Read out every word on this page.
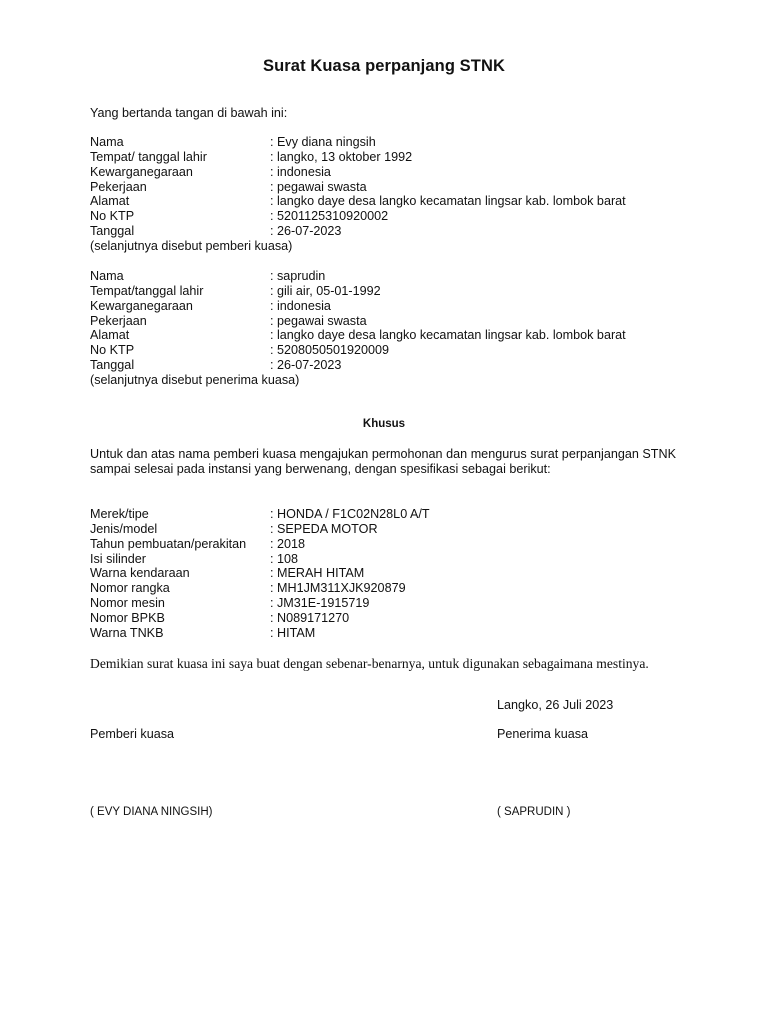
Surat Kuasa perpanjang STNK
Yang bertanda tangan di bawah ini:
Nama	: Evy diana ningsih
Tempat/ tanggal lahir	: langko, 13 oktober 1992
Kewarganegaraan	: indonesia
Pekerjaan	: pegawai swasta
Alamat	: langko daye desa langko kecamatan lingsar kab. lombok barat
No KTP	: 5201125310920002
Tanggal	: 26-07-2023
(selanjutnya disebut pemberi kuasa)
Nama	: saprudin
Tempat/tanggal lahir	: gili air, 05-01-1992
Kewarganegaraan	: indonesia
Pekerjaan	: pegawai swasta
Alamat	: langko daye desa langko kecamatan lingsar kab. lombok barat
No KTP	: 5208050501920009
Tanggal	: 26-07-2023
(selanjutnya disebut penerima kuasa)
Khusus
Untuk dan atas nama pemberi kuasa mengajukan permohonan dan mengurus surat perpanjangan STNK sampai selesai pada instansi yang berwenang, dengan spesifikasi sebagai berikut:
Merek/tipe	: HONDA / F1C02N28L0 A/T
Jenis/model	: SEPEDA MOTOR
Tahun pembuatan/perakitan	: 2018
Isi silinder	: 108
Warna kendaraan	: MERAH HITAM
Nomor rangka	: MH1JM311XJK920879
Nomor mesin	: JM31E-1915719
Nomor BPKB	: N089171270
Warna TNKB	: HITAM
Demikian surat kuasa ini saya buat dengan sebenar-benarnya, untuk digunakan sebagaimana mestinya.
Langko, 26 Juli 2023
Pemberi kuasa	Penerima kuasa
( EVY DIANA NINGSIH)	( SAPRUDIN )
